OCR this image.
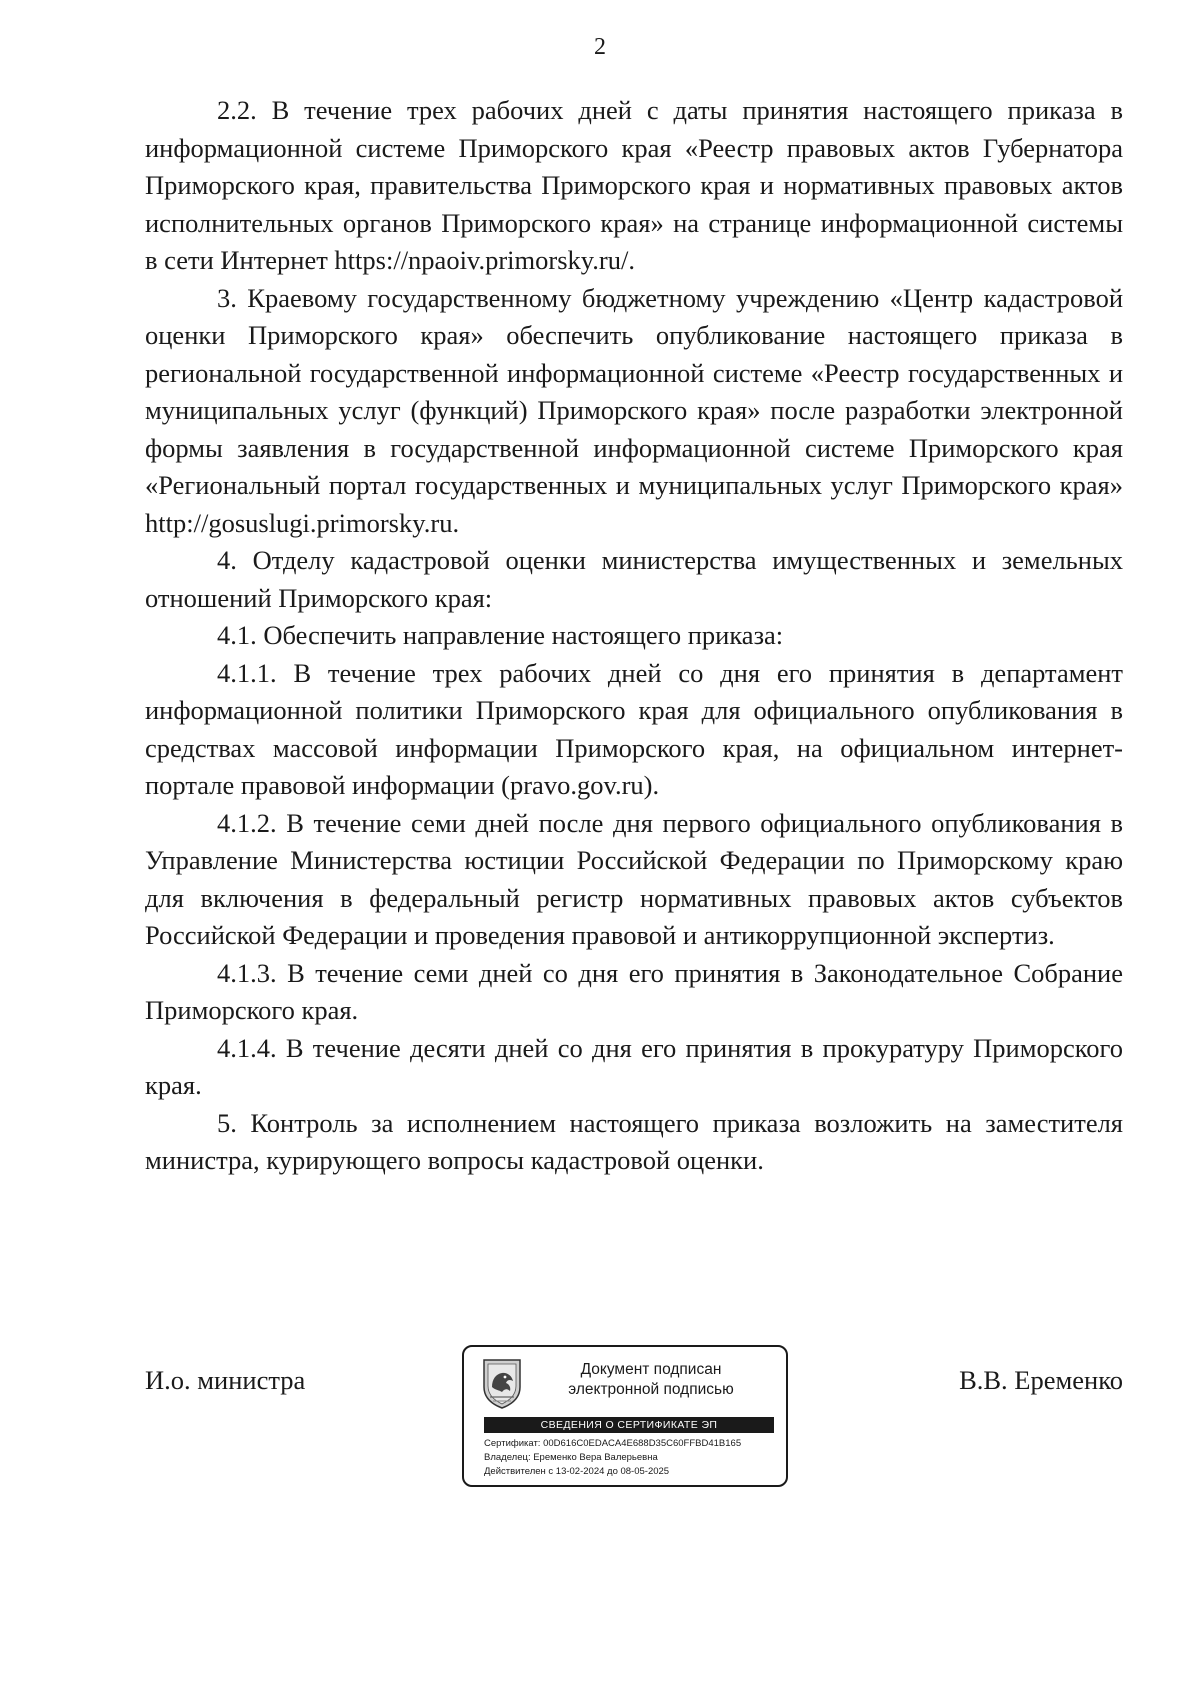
2

2.2. В течение трех рабочих дней с даты принятия настоящего приказа в информационной системе Приморского края «Реестр правовых актов Губернатора Приморского края, правительства Приморского края и нормативных правовых актов исполнительных органов Приморского края» на странице информационной системы в сети Интернет https://npaoiv.primorsky.ru/.

3. Краевому государственному бюджетному учреждению «Центр кадастровой оценки Приморского края» обеспечить опубликование настоящего приказа в региональной государственной информационной системе «Реестр государственных и муниципальных услуг (функций) Приморского края» после разработки электронной формы заявления в государственной информационной системе Приморского края «Региональный портал государственных и муниципальных услуг Приморского края» http://gosuslugi.primorsky.ru.

4. Отделу кадастровой оценки министерства имущественных и земельных отношений Приморского края:

4.1. Обеспечить направление настоящего приказа:

4.1.1. В течение трех рабочих дней со дня его принятия в департамент информационной политики Приморского края для официального опубликования в средствах массовой информации Приморского края, на официальном интернет-портале правовой информации (pravo.gov.ru).

4.1.2. В течение семи дней после дня первого официального опубликования в Управление Министерства юстиции Российской Федерации по Приморскому краю для включения в федеральный регистр нормативных правовых актов субъектов Российской Федерации и проведения правовой и антикоррупционной экспертиз.

4.1.3. В течение семи дней со дня его принятия в Законодательное Собрание Приморского края.

4.1.4. В течение десяти дней со дня его принятия в прокуратуру Приморского края.

5. Контроль за исполнением настоящего приказа возложить на заместителя министра, курирующего вопросы кадастровой оценки.

И.о. министра	Документ подписан
электронной подписью
СВЕДЕНИЯ О СЕРТИФИКАТЕ ЭП
Сертификат: 00D616C0EDACA4E688D35C60FFBD41B165
Владелец: Еременко Вера Валерьевна
Действителен с 13-02-2024 до 08-05-2025
В.В. Еременко
